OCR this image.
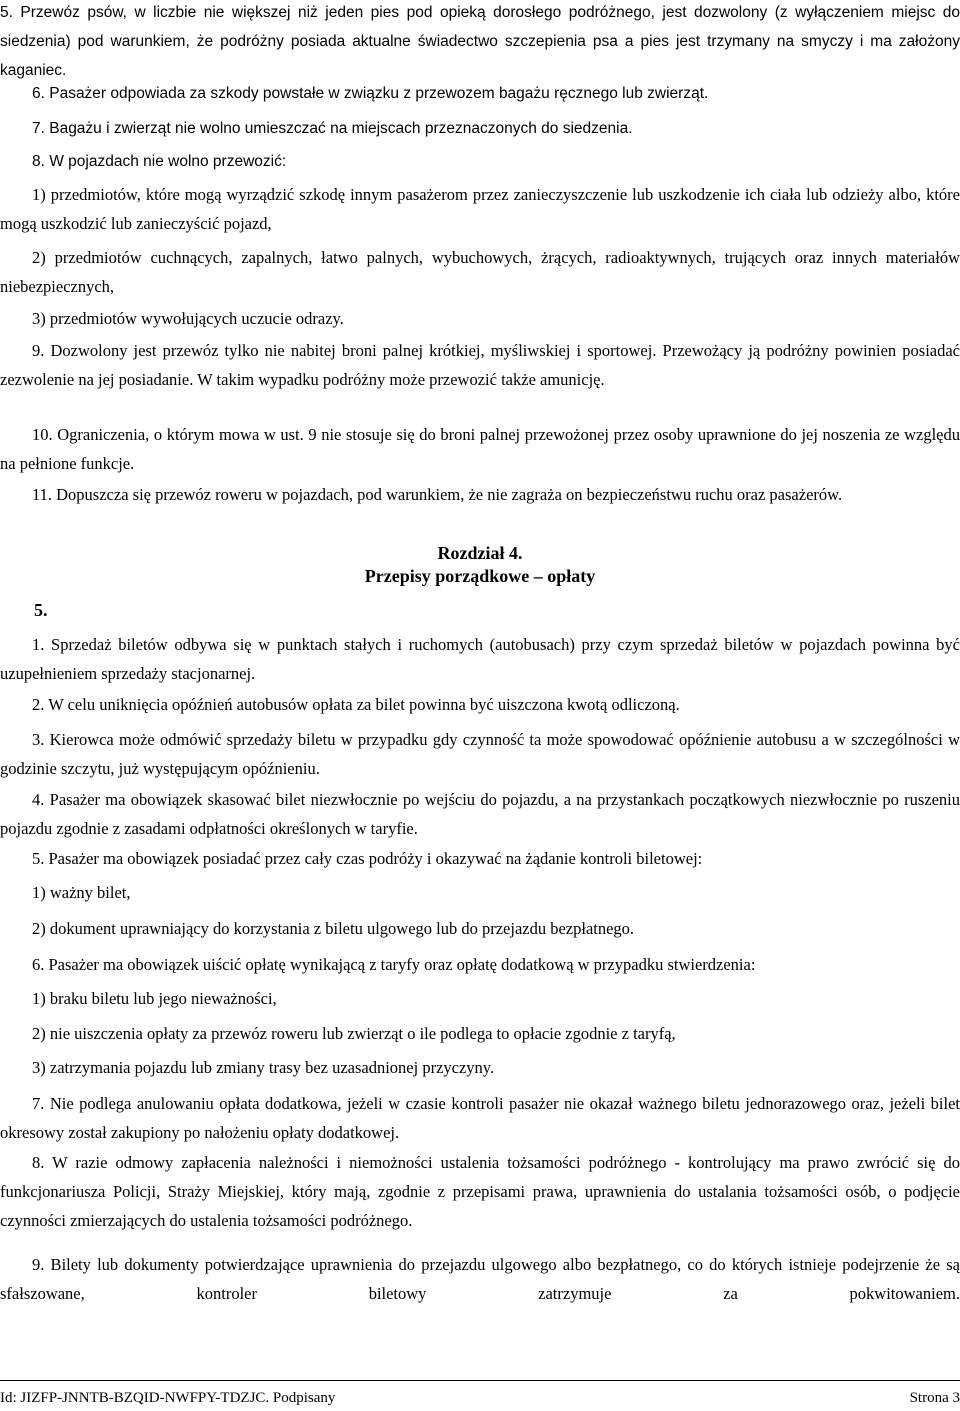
5. Przewóz psów, w liczbie nie większej niż jeden pies pod opieką dorosłego podróżnego, jest dozwolony (z wyłączeniem miejsc do siedzenia) pod warunkiem, że podróżny posiada aktualne świadectwo szczepienia psa a pies jest trzymany na smyczy i ma założony kaganiec.

6. Pasażer odpowiada za szkody powstałe w związku z przewozem bagażu ręcznego lub zwierząt.

7. Bagażu i zwierząt nie wolno umieszczać na miejscach przeznaczonych do siedzenia.

8. W pojazdach nie wolno przewozić:

1) przedmiotów, które mogą wyrządzić szkodę innym pasażerom przez zanieczyszczenie lub uszkodzenie ich ciała lub odzieży albo, które mogą uszkodzić lub zanieczyścić pojazd,

2) przedmiotów cuchnących, zapalnych, łatwo palnych, wybuchowych, żrących, radioaktywnych, trujących oraz innych materiałów niebezpiecznych,

3) przedmiotów wywołujących uczucie odrazy.

9. Dozwolony jest przewóz tylko nie nabitej broni palnej krótkiej, myśliwskiej i sportowej. Przewożący ją podróżny powinien posiadać zezwolenie na jej posiadanie. W takim wypadku podróżny może przewozić także amunicję.

10. Ograniczenia, o którym mowa w ust. 9 nie stosuje się do broni palnej przewożonej przez osoby uprawnione do jej noszenia ze względu na pełnione funkcje.

11. Dopuszcza się przewóz roweru w pojazdach, pod warunkiem, że nie zagraża on bezpieczeństwu ruchu oraz pasażerów.

Rozdział 4.
Przepisy porządkowe – opłaty
5.

1. Sprzedaż biletów odbywa się w punktach stałych i ruchomych (autobusach) przy czym sprzedaż biletów w pojazdach powinna być uzupełnieniem sprzedaży stacjonarnej.

2. W celu uniknięcia opóźnień autobusów opłata za bilet powinna być uiszczona kwotą odliczoną.

3. Kierowca może odmówić sprzedaży biletu w przypadku gdy czynność ta może spowodować opóźnienie autobusu a w szczególności w godzinie szczytu, już występującym opóźnieniu.

4. Pasażer ma obowiązek skasować bilet niezwłocznie po wejściu do pojazdu, a na przystankach początkowych niezwłocznie po ruszeniu pojazdu zgodnie z zasadami odpłatności określonych w taryfie.

5. Pasażer ma obowiązek posiadać przez cały czas podróży i okazywać na żądanie kontroli biletowej:

1) ważny bilet,

2) dokument uprawniający do korzystania z biletu ulgowego lub do przejazdu bezpłatnego.

6. Pasażer ma obowiązek uiścić opłatę wynikającą z taryfy oraz opłatę dodatkową w przypadku stwierdzenia:

1) braku biletu lub jego nieważności,

2) nie uiszczenia opłaty za przewóz roweru lub zwierząt o ile podlega to opłacie zgodnie z taryfą,

3) zatrzymania pojazdu lub zmiany trasy bez uzasadnionej przyczyny.

7. Nie podlega anulowaniu opłata dodatkowa, jeżeli w czasie kontroli pasażer nie okazał ważnego biletu jednorazowego oraz, jeżeli bilet okresowy został zakupiony po nałożeniu opłaty dodatkowej.

8. W razie odmowy zapłacenia należności i niemożności ustalenia tożsamości podróżnego - kontrolujący ma prawo zwrócić się do funkcjonariusza Policji, Straży Miejskiej, który mają, zgodnie z przepisami prawa, uprawnienia do ustalania tożsamości osób, o podjęcie czynności zmierzających do ustalenia tożsamości podróżnego.

9. Bilety lub dokumenty potwierdzające uprawnienia do przejazdu ulgowego albo bezpłatnego, co do których istnieje podejrzenie że są sfałszowane, kontroler biletowy zatrzymuje za pokwitowaniem.

Id: JIZFP-JNNTB-BZQID-NWFPY-TDZJC. Podpisany	Strona 3
